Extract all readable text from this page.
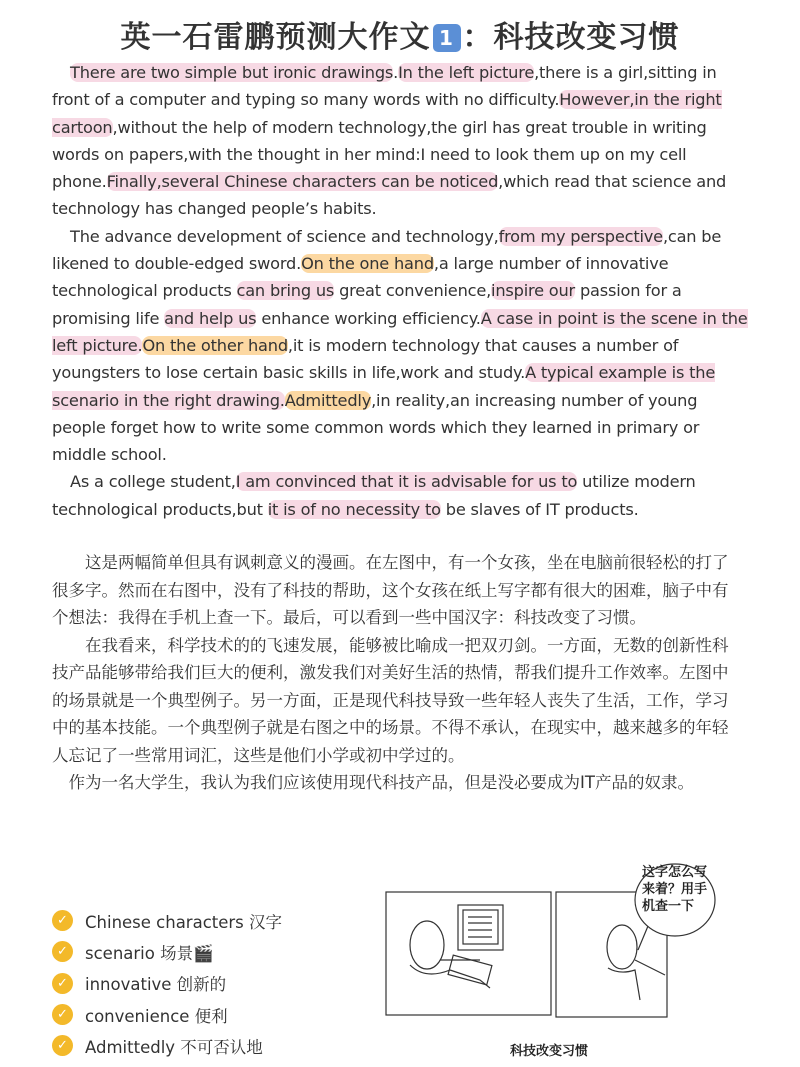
英一石雷鹏预测大作文 1 ：科技改变习惯

There are two simple but ironic drawings.In the left picture,there is a girl,sitting in front of a computer and typing so many words with no difficulty.However,in the right cartoon,without the help of modern technology,the girl has great trouble in writing words on papers,with the thought in her mind:I need to look them up on my cell phone.Finally,several Chinese characters can be noticed,which read that science and technology has changed people’s habits.

The advance development of science and technology,from my perspective,can be likened to double-edged sword.On the one hand,a large number of innovative technological products can bring us great convenience,inspire our passion for a promising life and help us enhance working efficiency.A case in point is the scene in the left picture.On the other hand,it is modern technology that causes a number of youngsters to lose certain basic skills in life,work and study.A typical example is the scenario in the right drawing.Admittedly,in reality,an increasing number of young people forget how to write some common words which they learned in primary or middle school.

As a college student,I am convinced that it is advisable for us to utilize modern technological products,but it is of no necessity to be slaves of IT products.

这是两幅简单但具有讽刺意义的漫画。在左图中，有一个女孩，坐在电脑前很轻松的打了很多字。然而在右图中，没有了科技的帮助，这个女孩在纸上写字都有很大的困难，脑子中有个想法：我得在手机上查一下。最后，可以看到一些中国汉字：科技改变了习惯。

在我看来，科学技术的的飞速发展，能够被比喻成一把双刃剑。一方面，无数的创新性科技产品能够带给我们巨大的便利，激发我们对美好生活的热情，帮我们提升工作效率。左图中的场景就是一个典型例子。另一方面，正是现代科技导致一些年轻人丧失了生活，工作，学习中的基本技能。一个典型例子就是右图之中的场景。不得不承认，在现实中，越来越多的年轻人忘记了一些常用词汇，这些是他们小学或初中学过的。

作为一名大学生，我认为我们应该使用现代科技产品，但是没必要成为IT产品的奴隶。

✓	Chinese characters 汉字
✓	scenario 场景🎬
✓	innovative 创新的
✓	convenience 便利
✓	Admittedly 不可否认地
这字怎么写来着？用手机查一下
科技改变习惯
